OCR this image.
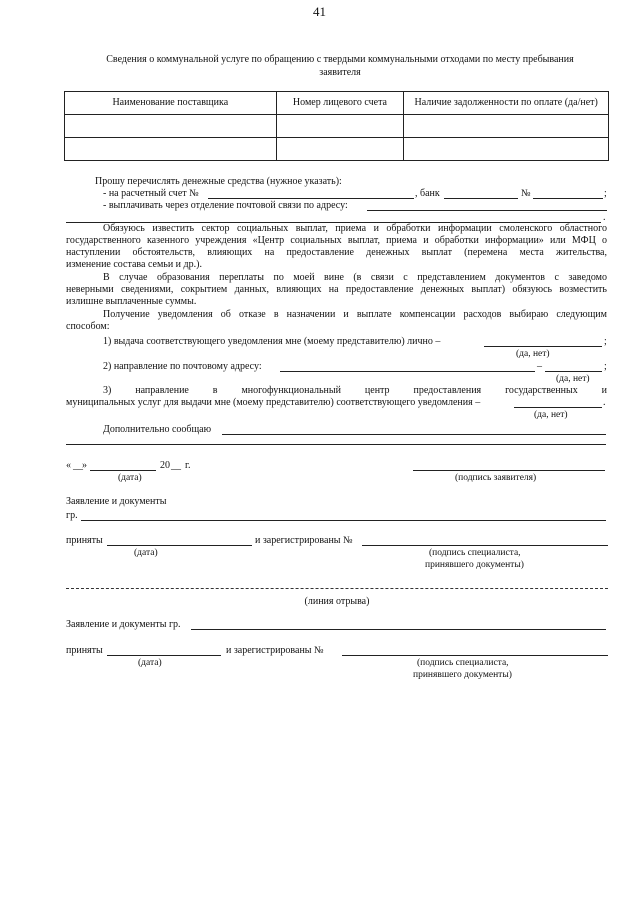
41
Сведения о коммунальной услуге по обращению с твердыми коммунальными отходами по месту пребывания
заявителя
Наименование поставщика	Номер лицевого счета	Наличие задолженности по оплате (да/нет)

Прошу перечислять денежные средства (нужное указать):
- на расчетный счет №	, банк	№	;
- выплачивать через отделение почтовой связи по адресу:
.
Обязуюсь известить сектор социальных выплат, приема и обработки информации смоленского областного
государственного казенного учреждения «Центр социальных выплат, приема и обработки информации» или МФЦ о
наступлении обстоятельств, влияющих на предоставление денежных выплат (перемена места жительства,
изменение состава семьи и др.).
В случае образования переплаты по моей вине (в связи с представлением документов с заведомо
неверными сведениями, сокрытием данных, влияющих на предоставление денежных выплат) обязуюсь возместить
излишне выплаченные суммы.
Получение уведомления об отказе в назначении и выплате компенсации расходов выбираю следующим
способом:
1) выдача соответствующего уведомления мне (моему представителю) лично –	;
(да, нет)
2) направление по почтовому адресу:	–	;
(да, нет)
3) направление в многофункциональный центр предоставления государственных и
муниципальных услуг для выдачи мне (моему представителю) соответствующего уведомления –	.
(да, нет)
Дополнительно сообщаю
« __ »	20 __ г.
(дата)	(подпись заявителя)
Заявление и документы
гр.
приняты	и зарегистрированы №
(дата)	(подпись специалиста,
принявшего документы)
(линия отрыва)
Заявление и документы гр.
приняты	и зарегистрированы №
(дата)	(подпись специалиста,
принявшего документы)
